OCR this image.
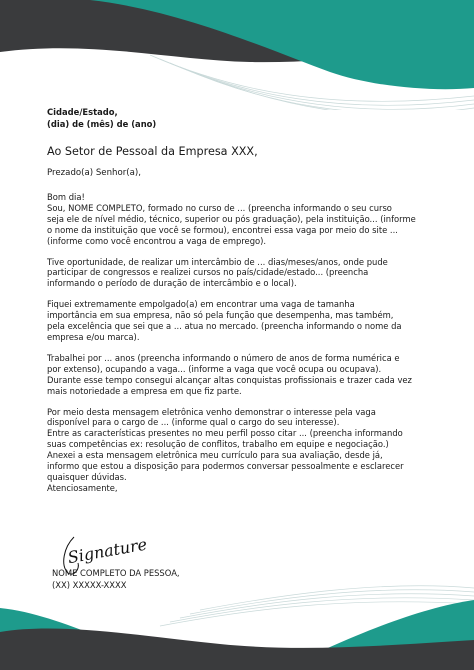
Cidade/Estado,

(dia) de (mês) de (ano)

Ao Setor de Pessoal da Empresa XXX,

Prezado(a) Senhor(a),

Bom dia!
Sou, NOME COMPLETO, formado no curso de ... (preencha informando o seu curso
seja ele de nível médio, técnico, superior ou pós graduação), pela instituição... (informe
o nome da instituição que você se formou), encontrei essa vaga por meio do site ...
(informe como você encontrou a vaga de emprego).
Tive oportunidade, de realizar um intercâmbio de ... dias/meses/anos, onde pude
participar de congressos e realizei cursos no país/cidade/estado... (preencha
informando o período de duração de intercâmbio e o local).
Fiquei extremamente empolgado(a) em encontrar uma vaga de tamanha
importância em sua empresa, não só pela função que desempenha, mas também,
pela excelência que sei que a ... atua no mercado. (preencha informando o nome da
empresa e/ou marca).
Trabalhei por ... anos (preencha informando o número de anos de forma numérica e
por extenso), ocupando a vaga... (informe a vaga que você ocupa ou ocupava).
Durante esse tempo consegui alcançar altas conquistas profissionais e trazer cada vez
mais notoriedade a empresa em que fiz parte.
Por meio desta mensagem eletrônica venho demonstrar o interesse pela vaga
disponível para o cargo de ... (informe qual o cargo do seu interesse).
Entre as características presentes no meu perfil posso citar ... (preencha informando
suas competências ex: resolução de conflitos, trabalho em equipe e negociação.)
Anexei a esta mensagem eletrônica meu currículo para sua avaliação, desde já,
informo que estou a disposição para podermos conversar pessoalmente e esclarecer
quaisquer dúvidas.

Atenciosamente,

Signature
NOME COMPLETO DA PESSOA,
(XX) XXXXX-XXXX
